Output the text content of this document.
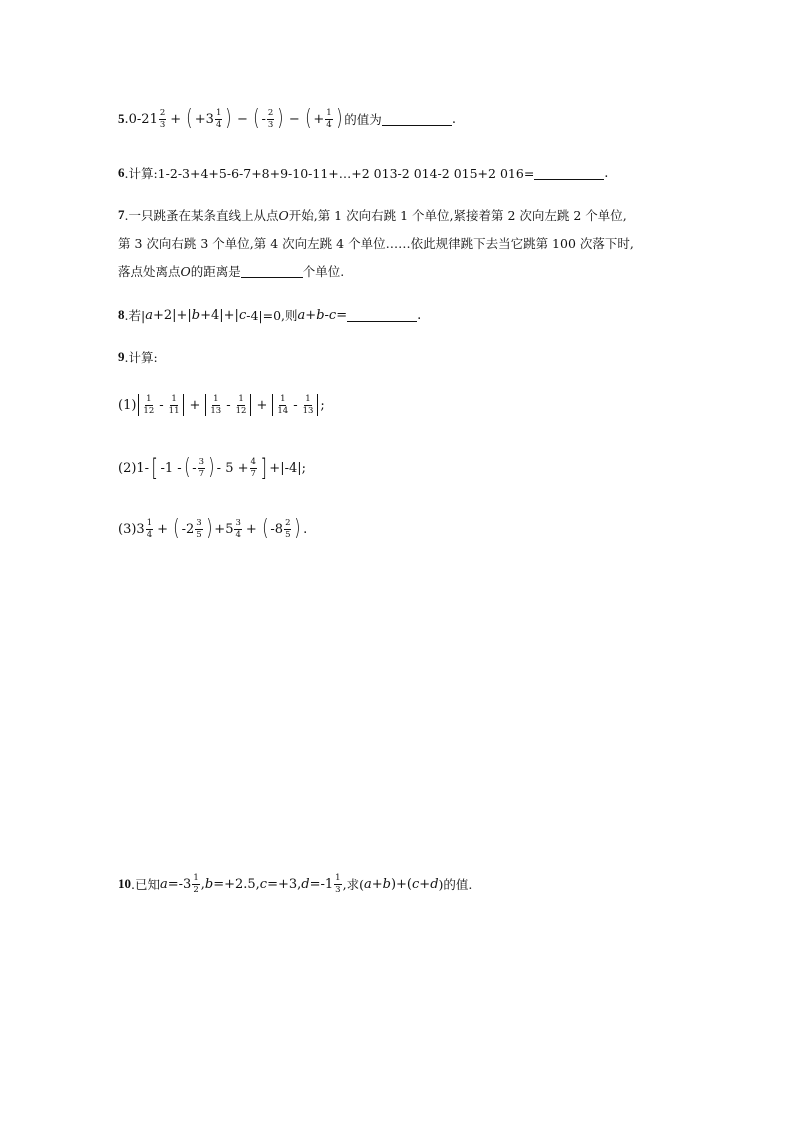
5 .0-21 2
3 + ( +3 1
4 ) − ( - 2
3 ) − ( + $\frac{1}{4}$ ) 的值为	.
6 .计算:1-2-3+4+5-6-7+8+9-10-11+…+2 013-2 014-2 015+2 016=	.
7 .一只跳蚤在某条直线上从点 O 开始,第 1 次向右跳 1 个单位,紧接着第 2 次向左跳 2 个单位,
第 3 次向右跳 3 个单位,第 4 次向左跳 4 个单位……依此规律跳下去当它跳第 100 次落下时,
落点处离点 O 的距离是	个单位.
8 .若| a +2|+| b +4|+| c -4|=0,则 a + b - c =	.
9 .计算:
(1) 1
12 - 1
11 + 1
13 - 1
12 + 1
14 - 1
13 ;
(2)1- [ -1 - ( - 3
7 ) - $5 + \frac{4}{7}$ ] +|-4|;
(3)3 1
4 + ( -2 3
5 ) +5 3
4 + ( -8 2
5 ) .
10 .已知 a =-3 1
2 , b =+2.5, c =+3, d =-1 1
3 ,求( a + b )+( c + d )的值.
